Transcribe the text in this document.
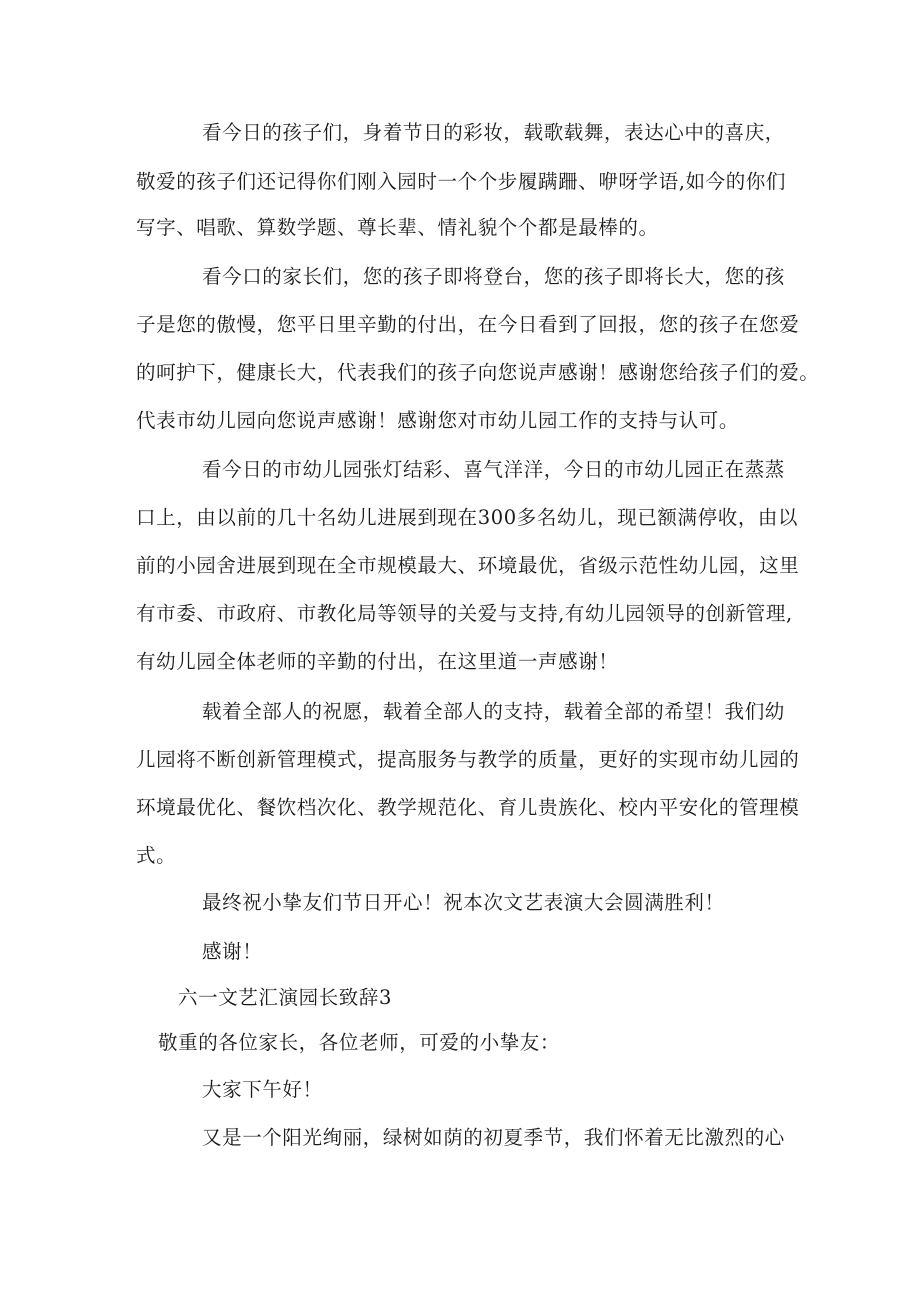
看今日的孩子们，身着节日的彩妆，载歌载舞，表达心中的喜庆，
敬爱的孩子们还记得你们刚入园时一个个步履蹒跚、咿呀学语,如今的你们
写字、唱歌、算数学题、尊长辈、情礼貌个个都是最棒的。
看今口的家长们，您的孩子即将登台，您的孩子即将长大，您的孩
子是您的傲慢，您平日里辛勤的付出，在今日看到了回报，您的孩子在您爱
的呵护下，健康长大，代表我们的孩子向您说声感谢！感谢您给孩子们的爱。
代表市幼儿园向您说声感谢！感谢您对市幼儿园工作的支持与认可。
看今日的市幼儿园张灯结彩、喜气洋洋，今日的市幼儿园正在蒸蒸
口上，由以前的几十名幼儿进展到现在300多名幼儿，现已额满停收，由以
前的小园舍进展到现在全市规模最大、环境最优，省级示范性幼儿园，这里
有市委、市政府、市教化局等领导的关爱与支持,有幼儿园领导的创新管理,
有幼儿园全体老师的辛勤的付出，在这里道一声感谢！
载着全部人的祝愿，载着全部人的支持，载着全部的希望！我们幼
儿园将不断创新管理模式，提高服务与教学的质量，更好的实现市幼儿园的
环境最优化、餐饮档次化、教学规范化、育儿贵族化、校内平安化的管理模
式。
最终祝小挚友们节日开心！祝本次文艺表演大会圆满胜利！
感谢！
六一文艺汇演园长致辞3
敬重的各位家长，各位老师，可爱的小挚友：
大家下午好！
又是一个阳光绚丽，绿树如荫的初夏季节，我们怀着无比激烈的心
